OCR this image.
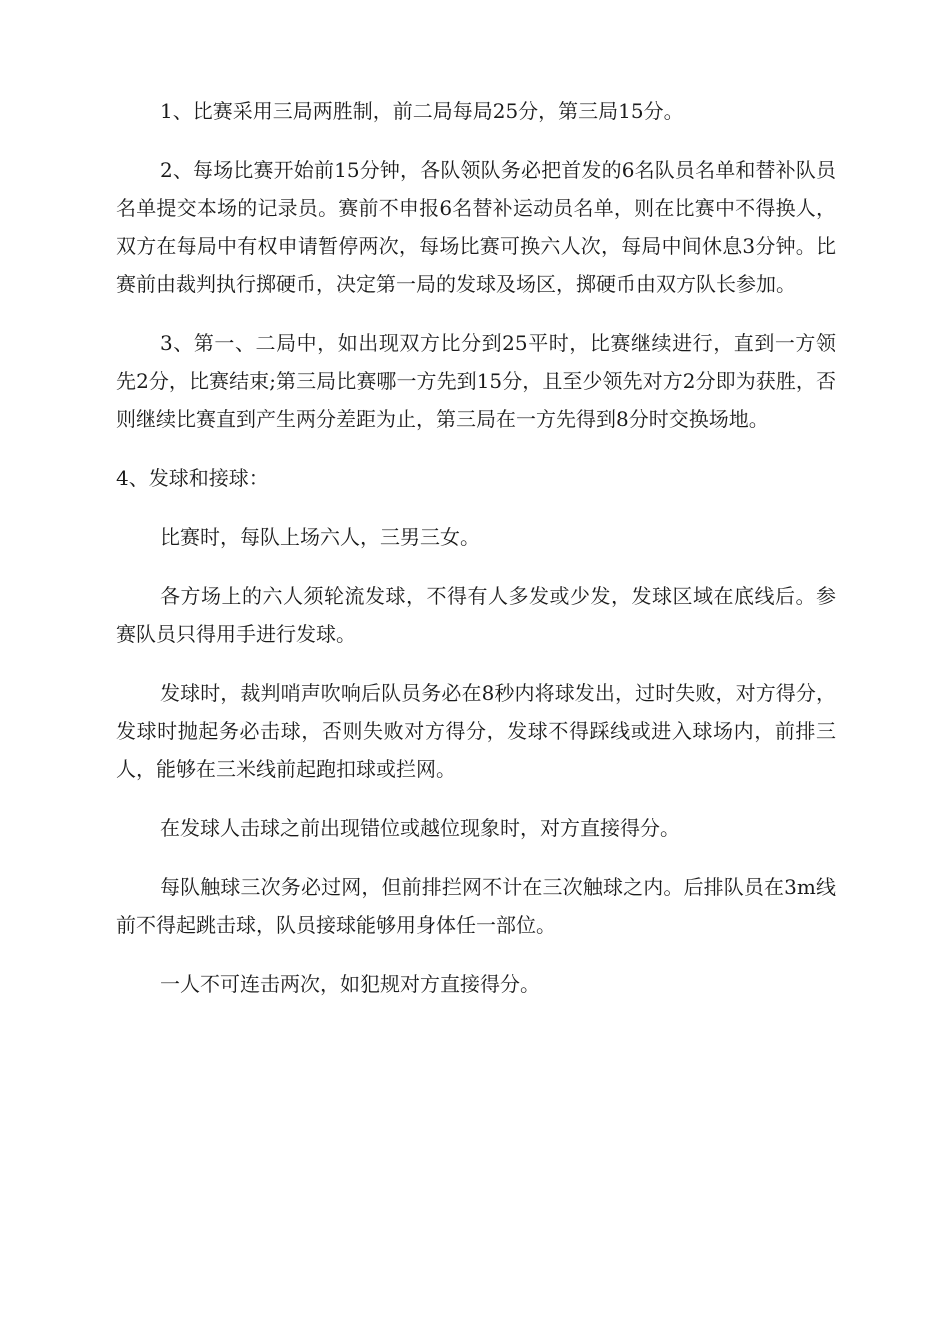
1、比赛采用三局两胜制，前二局每局25分，第三局15分。

2、每场比赛开始前15分钟，各队领队务必把首发的6名队员名单和替补队员名单提交本场的记录员。赛前不申报6名替补运动员名单，则在比赛中不得换人，双方在每局中有权申请暂停两次，每场比赛可换六人次，每局中间休息3分钟。比赛前由裁判执行掷硬币，决定第一局的发球及场区，掷硬币由双方队长参加。

3、第一、二局中，如出现双方比分到25平时，比赛继续进行，直到一方领先2分，比赛结束;第三局比赛哪一方先到15分，且至少领先对方2分即为获胜，否则继续比赛直到产生两分差距为止，第三局在一方先得到8分时交换场地。

4、发球和接球：

比赛时，每队上场六人，三男三女。

各方场上的六人须轮流发球，不得有人多发或少发，发球区域在底线后。参赛队员只得用手进行发球。

发球时，裁判哨声吹响后队员务必在8秒内将球发出，过时失败，对方得分，发球时抛起务必击球，否则失败对方得分，发球不得踩线或进入球场内，前排三人，能够在三米线前起跑扣球或拦网。

在发球人击球之前出现错位或越位现象时，对方直接得分。

每队触球三次务必过网，但前排拦网不计在三次触球之内。后排队员在3m线前不得起跳击球，队员接球能够用身体任一部位。

一人不可连击两次，如犯规对方直接得分。
